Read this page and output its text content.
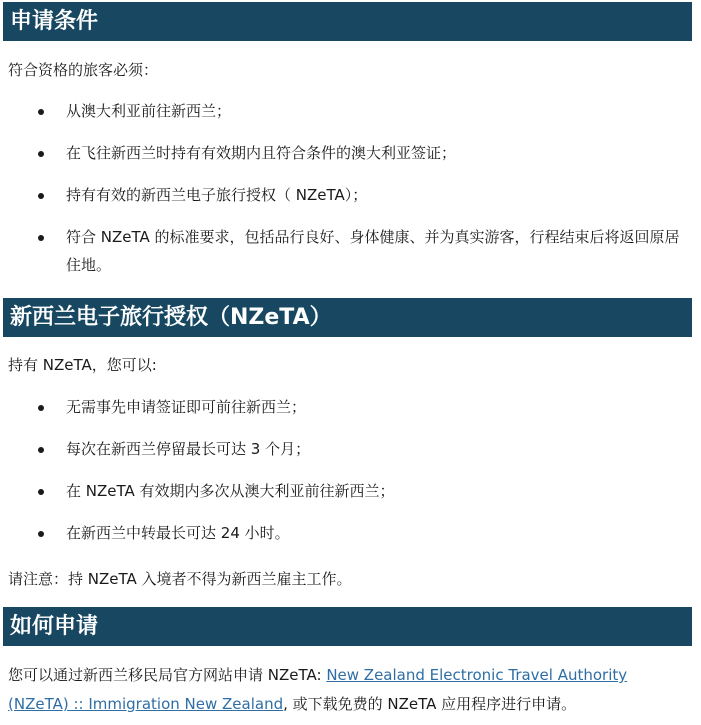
申请条件
符合资格的旅客必须：
从澳大利亚前往新西兰；
在飞往新西兰时持有有效期内且符合条件的澳大利亚签证；
持有有效的新西兰电子旅行授权（ NZeTA）；
符合 NZeTA 的标准要求，包括品行良好、身体健康、并为真实游客，行程结束后将返回原居住地。
新西兰电子旅行授权（NZeTA）
持有 NZeTA，您可以:
无需事先申请签证即可前往新西兰；
每次在新西兰停留最长可达 3 个月；
在 NZeTA 有效期内多次从澳大利亚前往新西兰；
在新西兰中转最长可达 24 小时。
请注意：持 NZeTA 入境者不得为新西兰雇主工作。
如何申请
您可以通过新西兰移民局官方网站申请 NZeTA: New Zealand Electronic Travel Authority (NZeTA) :: Immigration New Zealand, 或下载免费的 NZeTA 应用程序进行申请。
